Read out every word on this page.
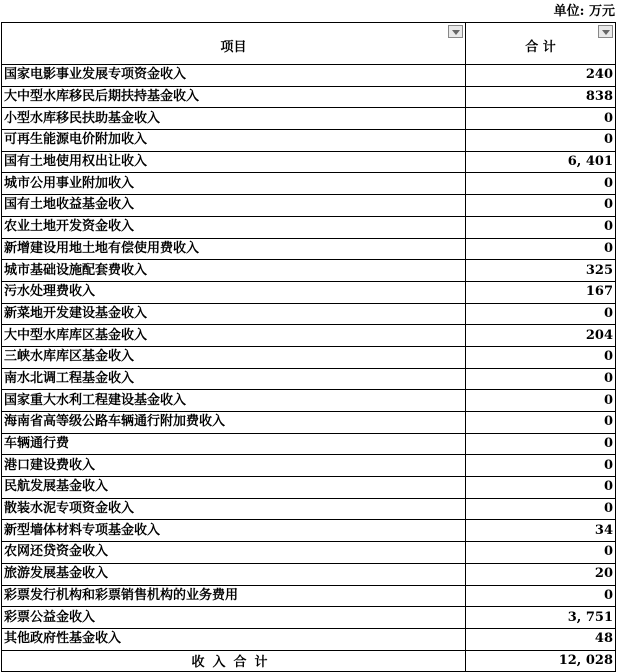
单位: 万元
项目	合 计

国家电影事业发展专项资金收入	240
大中型水库移民后期扶持基金收入	838
小型水库移民扶助基金收入	0
可再生能源电价附加收入	0
国有土地使用权出让收入	6, 401
城市公用事业附加收入	0
国有土地收益基金收入	0
农业土地开发资金收入	0
新增建设用地土地有偿使用费收入	0
城市基础设施配套费收入	325
污水处理费收入	167
新菜地开发建设基金收入	0
大中型水库库区基金收入	204
三峡水库库区基金收入	0
南水北调工程基金收入	0
国家重大水利工程建设基金收入	0
海南省高等级公路车辆通行附加费收入	0
车辆通行费	0
港口建设费收入	0
民航发展基金收入	0
散装水泥专项资金收入	0
新型墙体材料专项基金收入	34
农网还贷资金收入	0
旅游发展基金收入	20
彩票发行机构和彩票销售机构的业务费用	0
彩票公益金收入	3, 751
其他政府性基金收入	48
收入合计	12, 028
